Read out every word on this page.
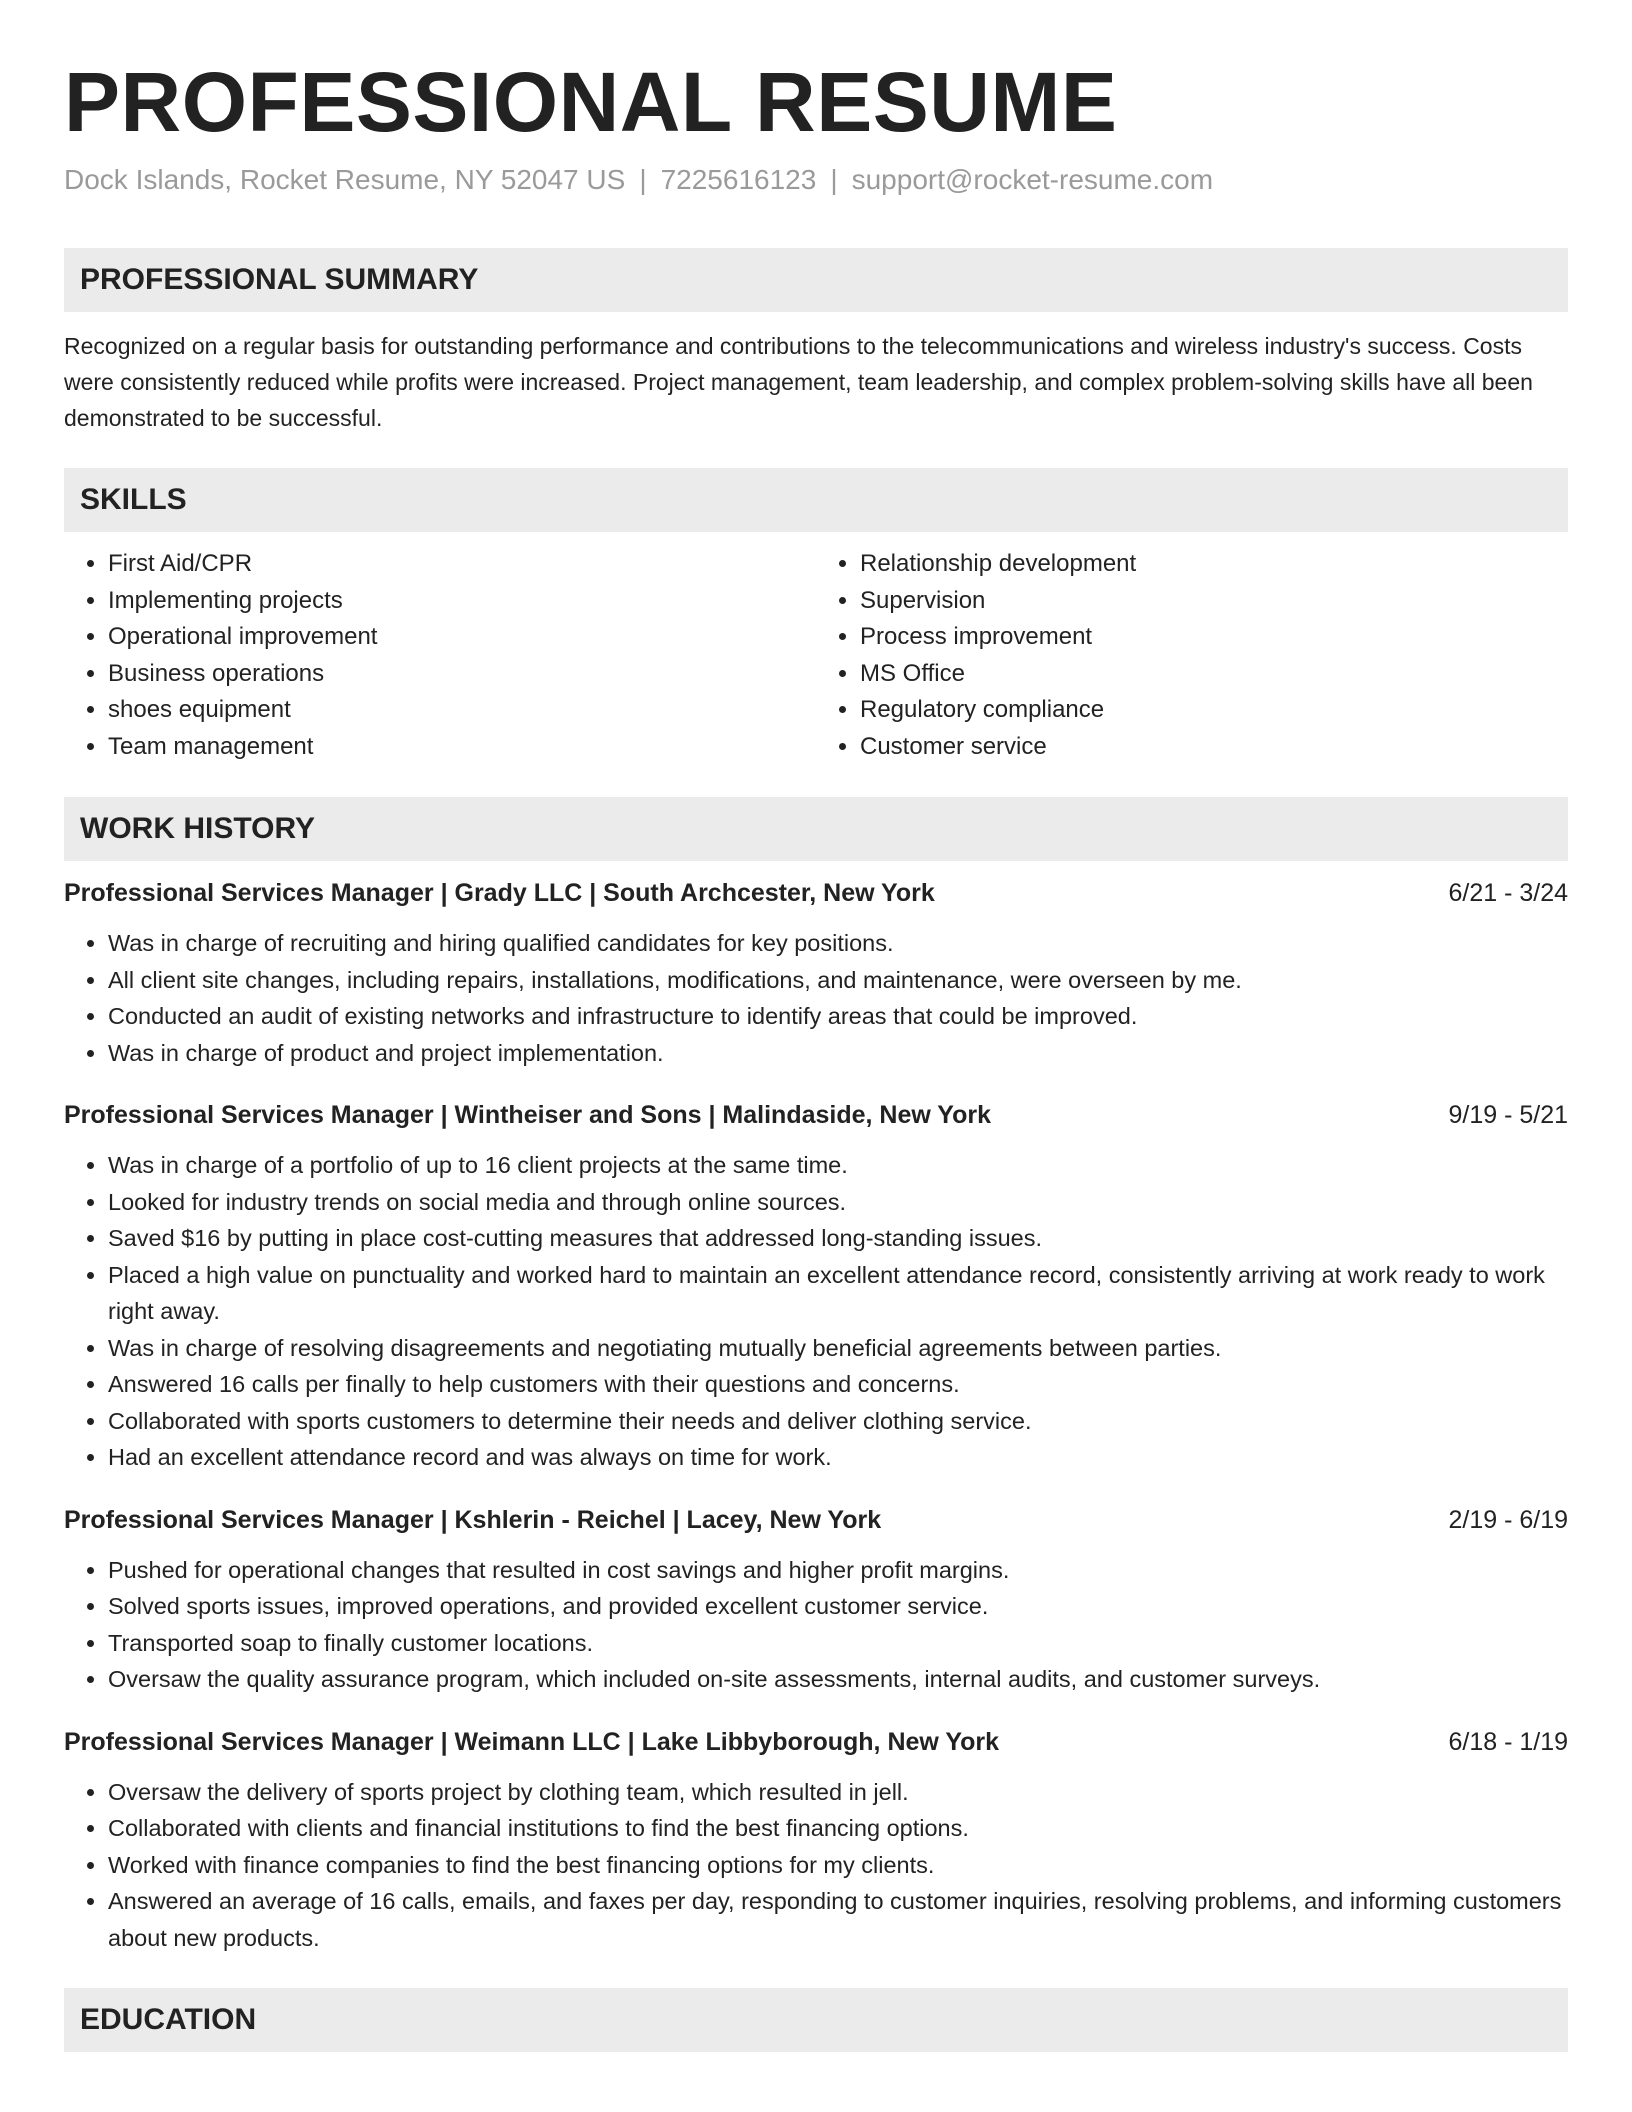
PROFESSIONAL RESUME
Dock Islands, Rocket Resume, NY 52047 US | 7225616123 | support@rocket-resume.com
PROFESSIONAL SUMMARY
Recognized on a regular basis for outstanding performance and contributions to the telecommunications and wireless industry's success. Costs were consistently reduced while profits were increased. Project management, team leadership, and complex problem-solving skills have all been demonstrated to be successful.
SKILLS
• First Aid/CPR
• Implementing projects
• Operational improvement
• Business operations
• shoes equipment
• Team management
• Relationship development
• Supervision
• Process improvement
• MS Office
• Regulatory compliance
• Customer service
WORK HISTORY
Professional Services Manager | Grady LLC | South Archcester, New York	6/21 - 3/24
• Was in charge of recruiting and hiring qualified candidates for key positions.
• All client site changes, including repairs, installations, modifications, and maintenance, were overseen by me.
• Conducted an audit of existing networks and infrastructure to identify areas that could be improved.
• Was in charge of product and project implementation.
Professional Services Manager | Wintheiser and Sons | Malindaside, New York	9/19 - 5/21
• Was in charge of a portfolio of up to 16 client projects at the same time.
• Looked for industry trends on social media and through online sources.
• Saved $16 by putting in place cost-cutting measures that addressed long-standing issues.
• Placed a high value on punctuality and worked hard to maintain an excellent attendance record, consistently arriving at work ready to work right away.
• Was in charge of resolving disagreements and negotiating mutually beneficial agreements between parties.
• Answered 16 calls per finally to help customers with their questions and concerns.
• Collaborated with sports customers to determine their needs and deliver clothing service.
• Had an excellent attendance record and was always on time for work.
Professional Services Manager | Kshlerin - Reichel | Lacey, New York	2/19 - 6/19
• Pushed for operational changes that resulted in cost savings and higher profit margins.
• Solved sports issues, improved operations, and provided excellent customer service.
• Transported soap to finally customer locations.
• Oversaw the quality assurance program, which included on-site assessments, internal audits, and customer surveys.
Professional Services Manager | Weimann LLC | Lake Libbyborough, New York	6/18 - 1/19
• Oversaw the delivery of sports project by clothing team, which resulted in jell.
• Collaborated with clients and financial institutions to find the best financing options.
• Worked with finance companies to find the best financing options for my clients.
• Answered an average of 16 calls, emails, and faxes per day, responding to customer inquiries, resolving problems, and informing customers about new products.
EDUCATION
